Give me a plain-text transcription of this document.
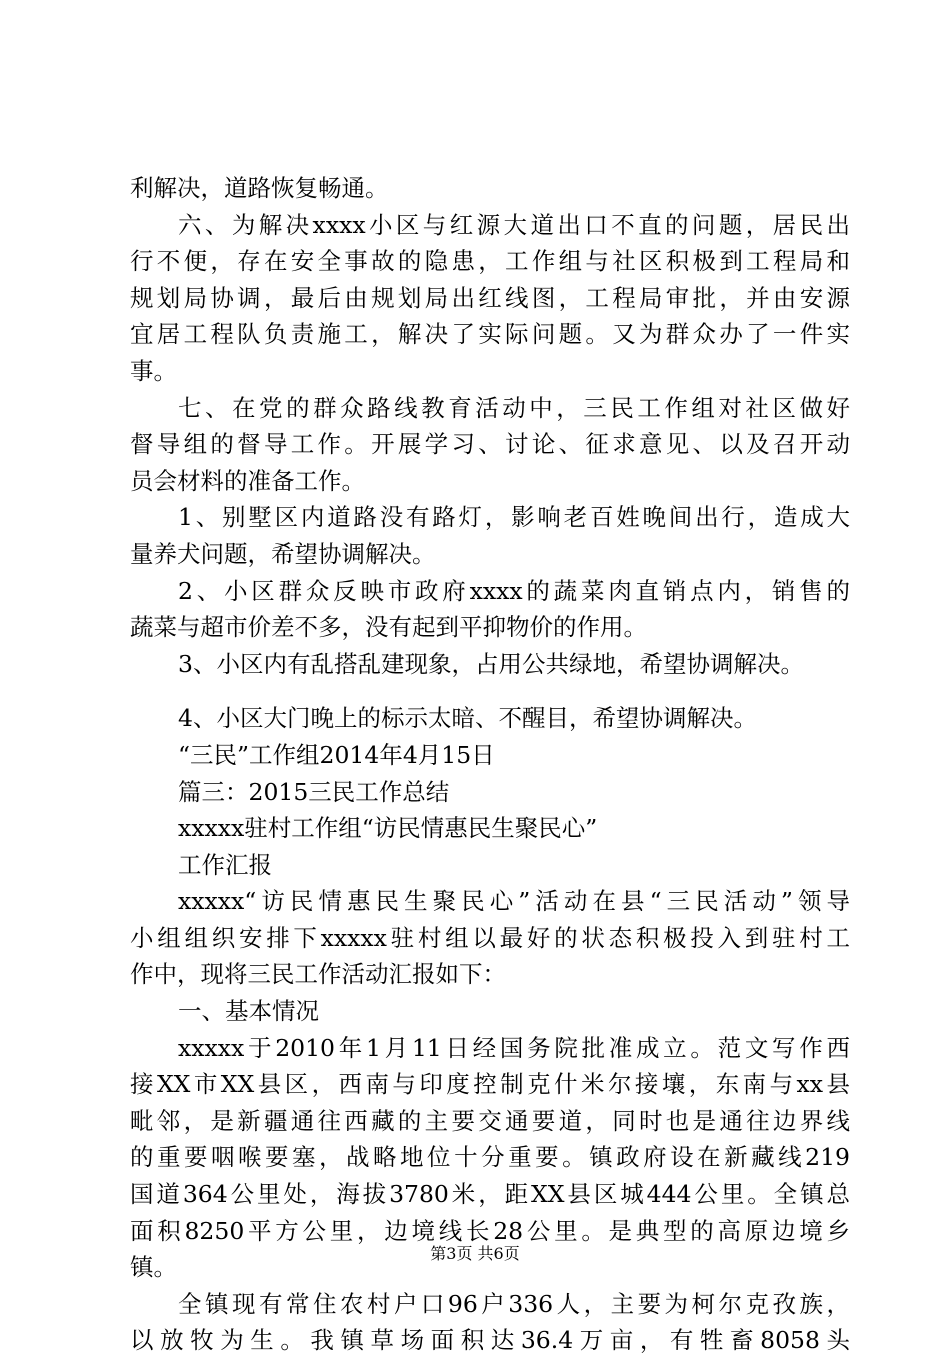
利解决，道路恢复畅通。
六、为解决xxxx小区与红源大道出口不直的问题，居民出
行不便，存在安全事故的隐患，工作组与社区积极到工程局和
规划局协调，最后由规划局出红线图，工程局审批，并由安源
宜居工程队负责施工，解决了实际问题。又为群众办了一件实
事。
七、在党的群众路线教育活动中，三民工作组对社区做好
督导组的督导工作。开展学习、讨论、征求意见、以及召开动
员会材料的准备工作。
1、别墅区内道路没有路灯，影响老百姓晚间出行，造成大
量养犬问题，希望协调解决。
2、小区群众反映市政府xxxx的蔬菜肉直销点内，销售的
蔬菜与超市价差不多，没有起到平抑物价的作用。
3、小区内有乱搭乱建现象，占用公共绿地，希望协调解决。
4、小区大门晚上的标示太暗、不醒目，希望协调解决。
“三民”工作组2014年4月15日
篇三：2015三民工作总结
xxxxx驻村工作组“访民情惠民生聚民心”
工作汇报
xxxxx“访民情惠民生聚民心”活动在县“三民活动”领导
小组组织安排下xxxxx驻村组以最好的状态积极投入到驻村工
作中，现将三民工作活动汇报如下：
一、基本情况
xxxxx于2010年1月11日经国务院批准成立。范文写作西
接XX市XX县区，西南与印度控制克什米尔接壤，东南与xx县
毗邻，是新疆通往西藏的主要交通要道，同时也是通往边界线
的重要咽喉要塞，战略地位十分重要。镇政府设在新藏线219
国道364公里处，海拔3780米，距XX县区城444公里。全镇总
面积8250平方公里，边境线长28公里。是典型的高原边境乡
镇。
全镇现有常住农村户口96户336人，主要为柯尔克孜族，
以放牧为生。我镇草场面积达36.4万亩，有牲畜8058头
第3页 共6页
